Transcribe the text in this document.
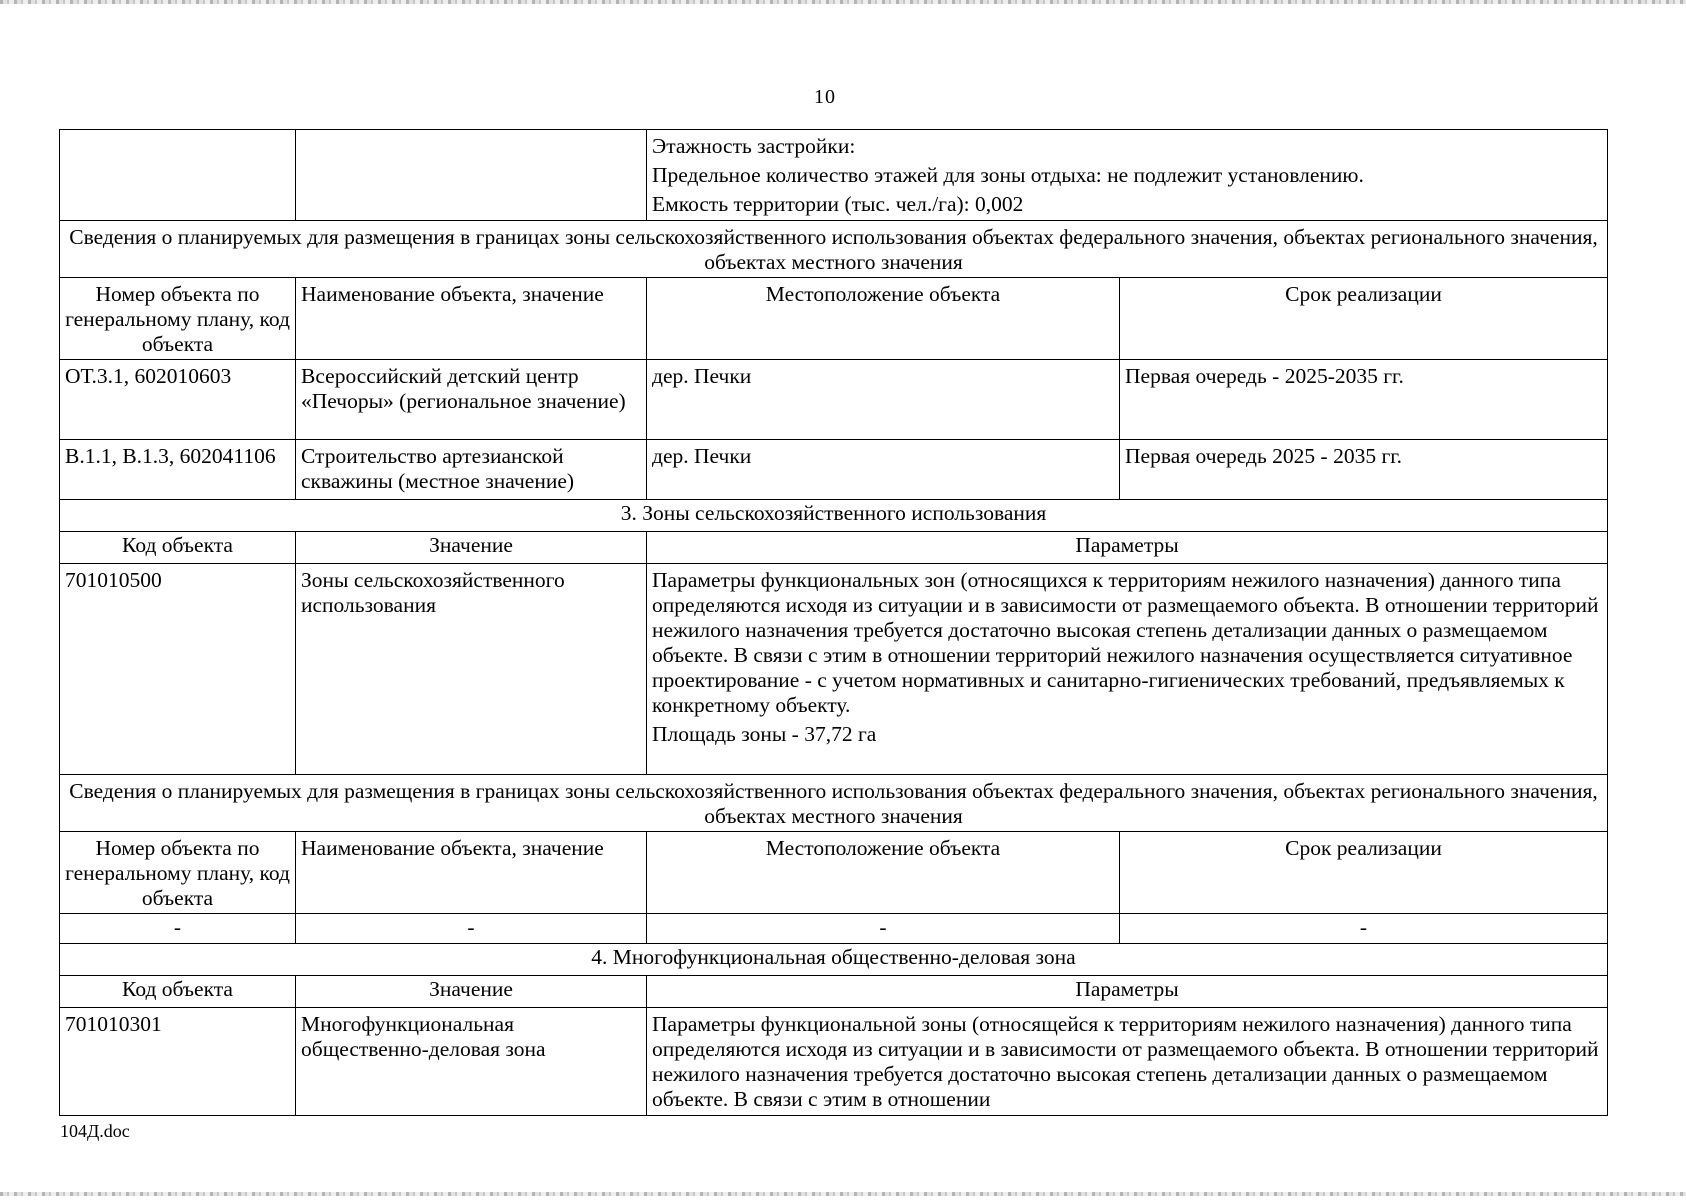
10

		Этажность застройки:
Предельное количество этажей для зоны отдыха: не подлежит установлению.
Емкость территории (тыс. чел./га): 0,002	

Сведения о планируемых для размещения в границах зоны сельскохозяйственного использования объектах федерального значения, объектах регионального значения, объектах местного значения			
Номер объекта по генеральному плану, код объекта	Наименование объекта, значение	Местоположение объекта	Срок реализации
ОТ.3.1, 602010603	Всероссийский детский центр «Печоры» (региональное значение)	дер. Печки	Первая очередь - 2025-2035 гг.
В.1.1, В.1.3, 602041106	Строительство артезианской скважины (местное значение)	дер. Печки	Первая очередь 2025 - 2035 гг.
3. Зоны сельскохозяйственного использования			
Код объекта	Значение	Параметры	
701010500	Зоны сельскохозяйственного использования	Параметры функциональных зон (относящихся к территориям нежилого назначения) данного типа определяются исходя из ситуации и в зависимости от размещаемого объекта. В отношении территорий нежилого назначения требуется достаточно высокая степень детализации данных о размещаемом объекте. В связи с этим в отношении территорий нежилого назначения осуществляется ситуативное проектирование - с учетом нормативных и санитарно-гигиенических требований, предъявляемых к конкретному объекту.
Площадь зоны - 37,72 га	

Сведения о планируемых для размещения в границах зоны сельскохозяйственного использования объектах федерального значения, объектах регионального значения, объектах местного значения			
Номер объекта по генеральному плану, код объекта	Наименование объекта, значение	Местоположение объекта	Срок реализации
-	-	-	-
4. Многофункциональная общественно-деловая зона			
Код объекта	Значение	Параметры	
701010301	Многофункциональная общественно-деловая зона	Параметры функциональной зоны (относящейся к территориям нежилого назначения) данного типа определяются исходя из ситуации и в зависимости от размещаемого объекта. В отношении территорий нежилого назначения требуется достаточно высокая степень детализации данных о размещаемом объекте. В связи с этим в отношении	
104Д.doc
